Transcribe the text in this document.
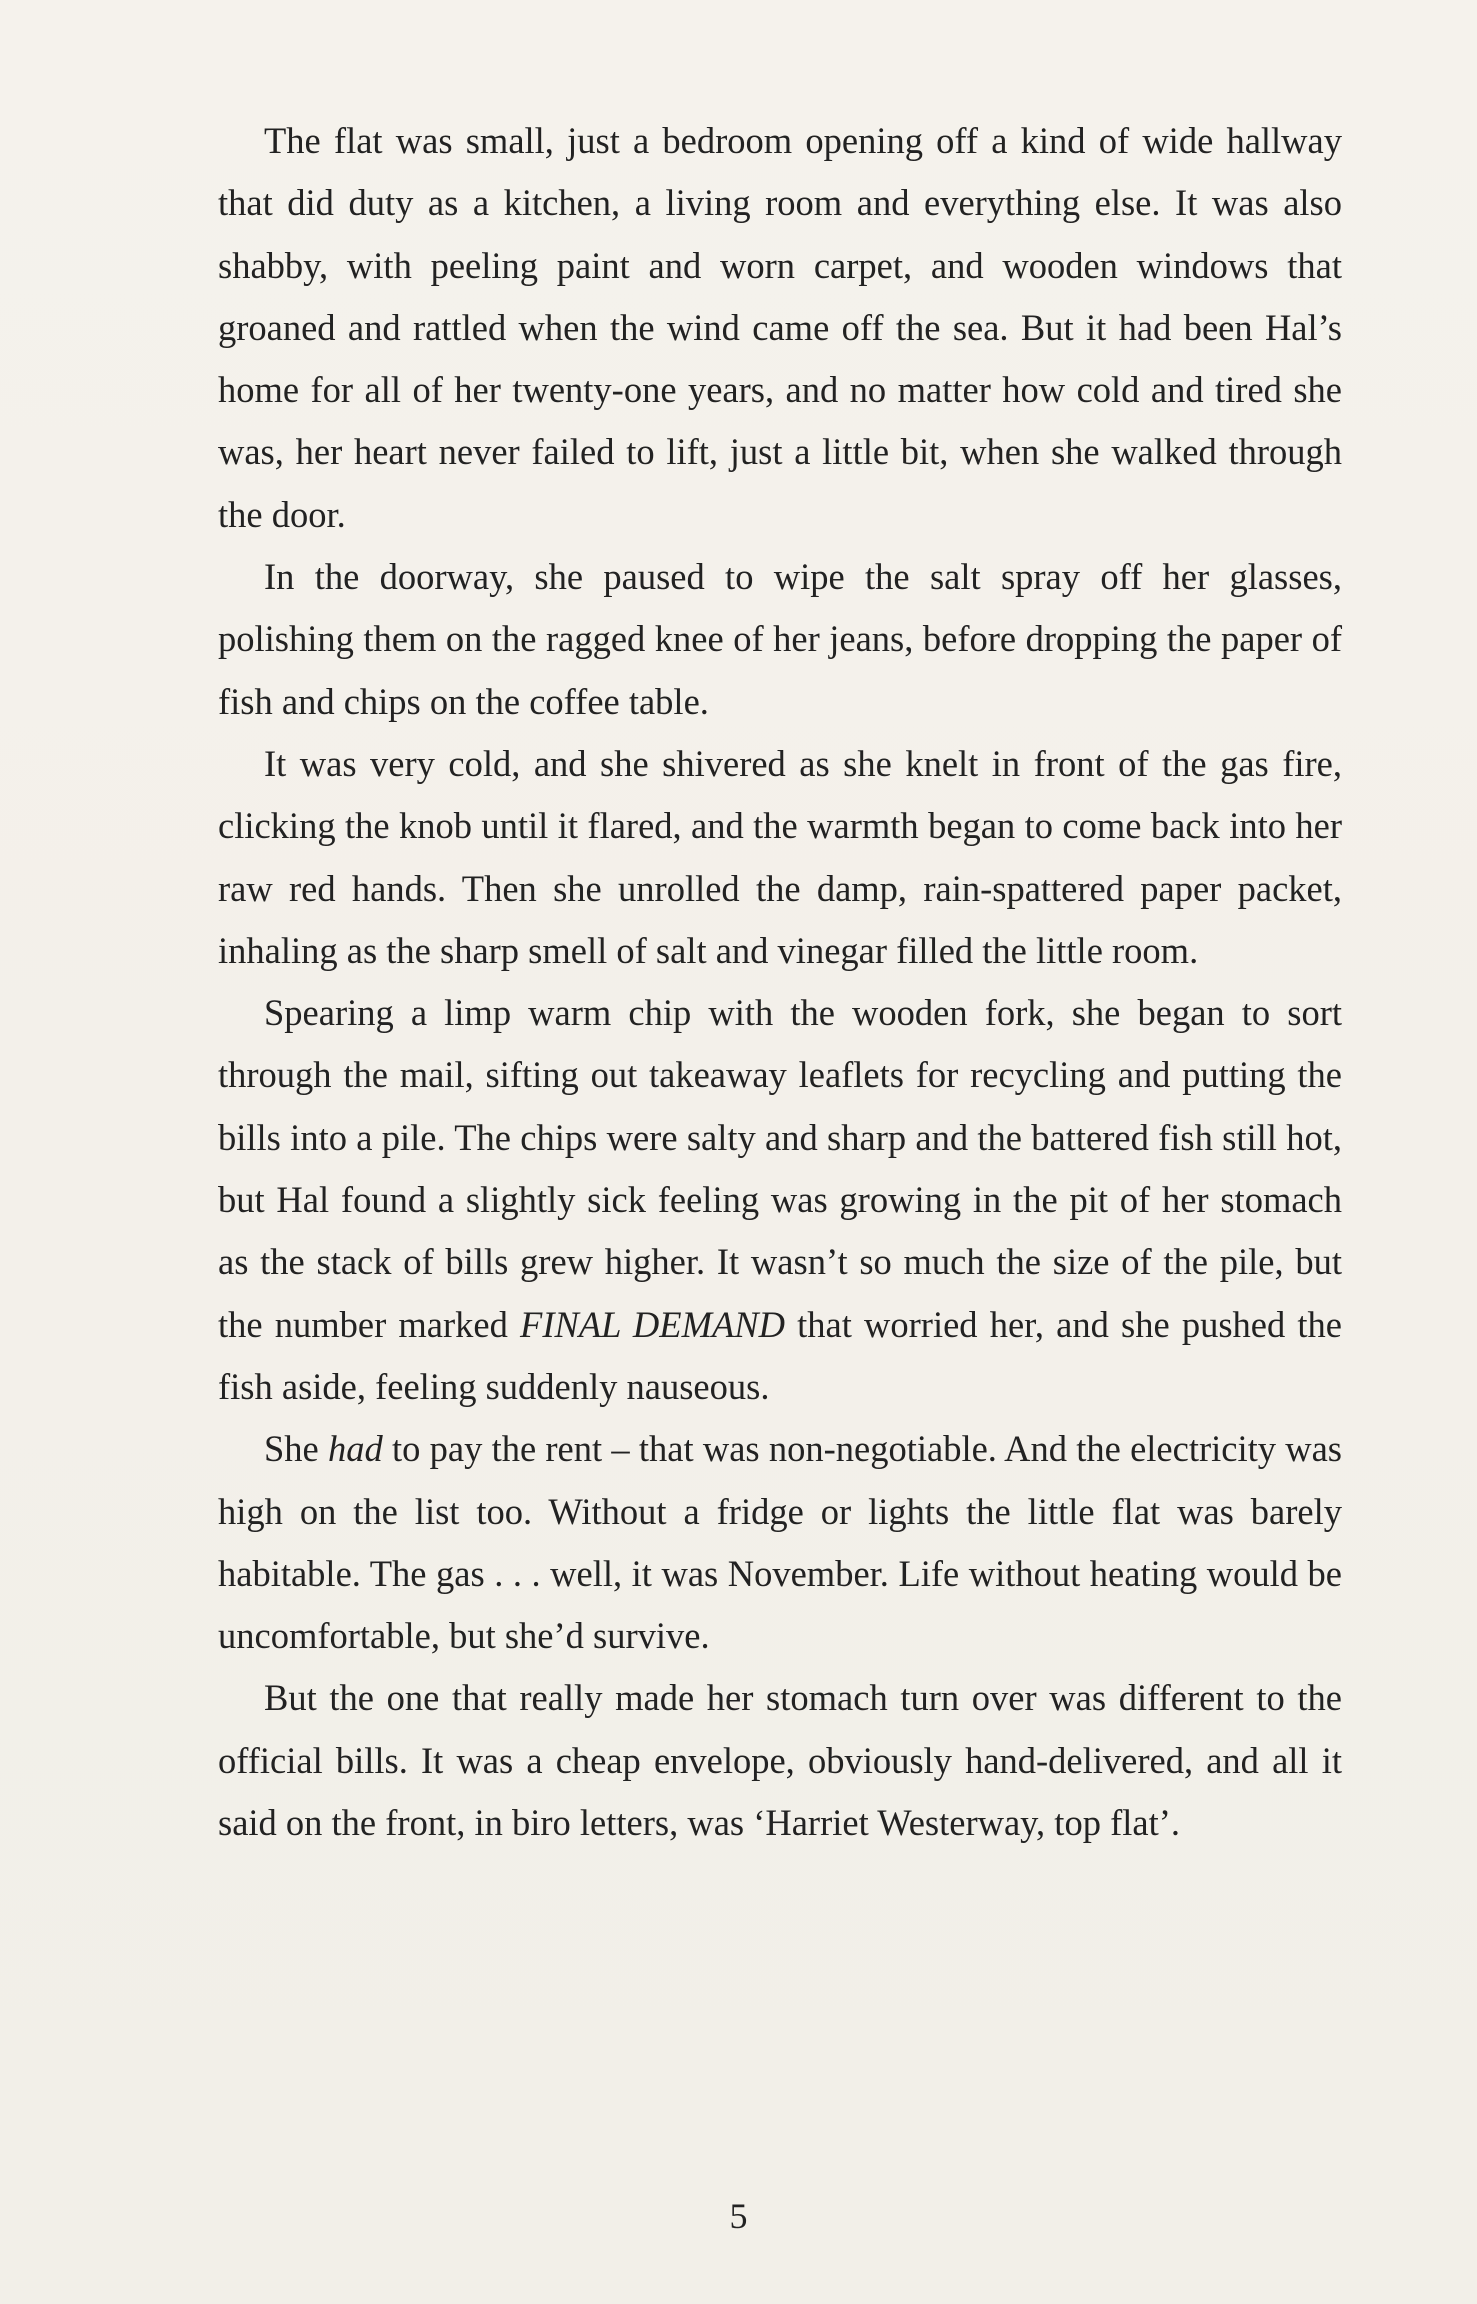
The flat was small, just a bedroom opening off a kind of wide hallway that did duty as a kitchen, a living room and everything else. It was also shabby, with peeling paint and worn carpet, and wooden windows that groaned and rattled when the wind came off the sea. But it had been Hal’s home for all of her twenty-one years, and no matter how cold and tired she was, her heart never failed to lift, just a little bit, when she walked through the door.

In the doorway, she paused to wipe the salt spray off her glasses, polishing them on the ragged knee of her jeans, before dropping the paper of fish and chips on the coffee table.

It was very cold, and she shivered as she knelt in front of the gas fire, clicking the knob until it flared, and the warmth began to come back into her raw red hands. Then she unrolled the damp, rain-spattered paper packet, inhaling as the sharp smell of salt and vinegar filled the little room.

Spearing a limp warm chip with the wooden fork, she began to sort through the mail, sifting out takeaway leaflets for recycling and putting the bills into a pile. The chips were salty and sharp and the battered fish still hot, but Hal found a slightly sick feeling was growing in the pit of her stomach as the stack of bills grew higher. It wasn’t so much the size of the pile, but the number marked FINAL DEMAND that worried her, and she pushed the fish aside, feeling suddenly nauseous.

She had to pay the rent – that was non-negotiable. And the electricity was high on the list too. Without a fridge or lights the little flat was barely habitable. The gas . . . well, it was November. Life without heating would be uncomfortable, but she’d survive.

But the one that really made her stomach turn over was different to the official bills. It was a cheap envelope, obviously hand-delivered, and all it said on the front, in biro letters, was ‘Harriet Westerway, top flat’.

5
